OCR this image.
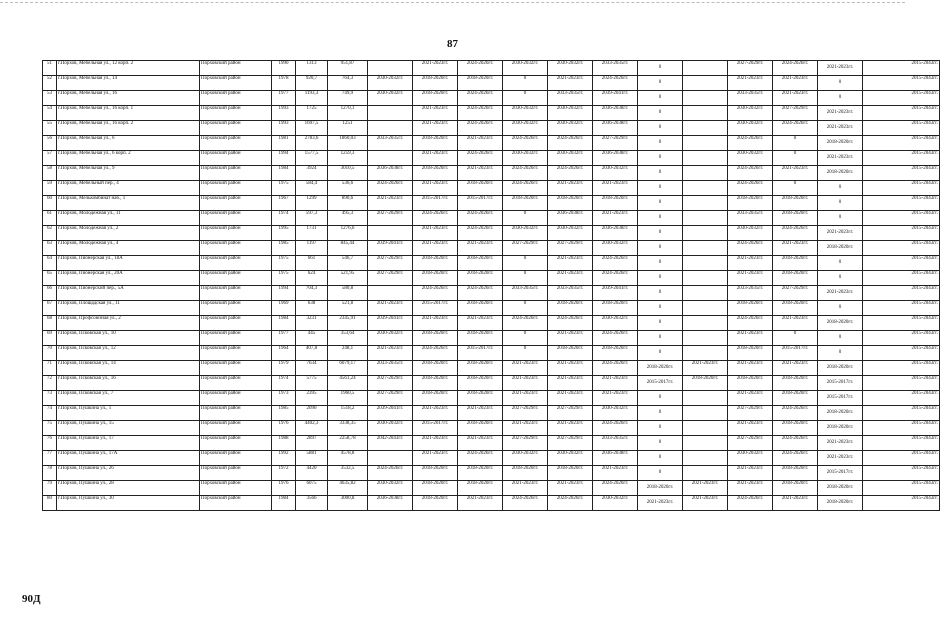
87
51	г.Порхов, Мебельная ул., 12 корп. 2	Порховский район	1990	1313	951,87		2021-2023гг.	2024-2026гг.	2030-2032гг.	2030-2032гг.	2033-2035гг.	0		2027-2029гг.	2024-2026гг.	2021-2023гг.	2015-2043гг.
52	г.Порхов, Мебельная ул., 14	Порховский район	1978	920,7	764,3	2030-2032гг.	2018-2020гг.	2018-2020гг.	0	2021-2023гг.	2024-2026гг.	0		2021-2023гг.	2021-2023гг.	0	2015-2043гг.
53	г.Порхов, Мебельная ул., 16	Порховский район	1977	1193,3	749,9	2030-2032гг.	2018-2020гг.	2024-2026гг.	0	2033-2035гг.	2039-2041гг.	0		2033-2035гг.	2021-2023гг.	0	2015-2043гг.
54	г.Порхов, Мебельная ул., 16 корп. 1	Порховский район	1993	1725	1270,1		2021-2023гг.	2024-2026гг.	2030-2032гг.	2030-2032гг.	2036-2038гг.	0		2030-2032гг.	2027-2029гг.	2021-2023гг.	2015-2043гг.
55	г.Порхов, Мебельная ул., 16 корп. 2	Порховский район	1993	1697,5	1251		2021-2023гг.	2024-2026гг.	2030-2032гг.	2030-2032гг.	2036-2038гг.	0		2030-2032гг.	2024-2026гг.	2021-2023гг.	2015-2043гг.
56	г.Порхов, Мебельная ул., 6	Порховский район	1981	2783,6	1860,03	2033-2035гг.	2018-2020гг.	2021-2023гг.	2024-2026гг.	2024-2026гг.	2027-2029гг.	0		2024-2026гг.	0	2018-2020гг.	2015-2043гг.
57	г.Порхов, Мебельная ул., 6 корп. 2	Порховский район	1994	1577,5	1259,3		2021-2023гг.	2024-2026гг.	2030-2032гг.	2030-2032гг.	2036-2038гг.	0		2030-2032гг.	0	2021-2023гг.	2015-2043гг.
58	г.Порхов, Мебельная ул., 9	Порховский район	1984	3924	3010,5	2036-2038гг.	2018-2020гг.	2021-2023гг.	2024-2026гг.	2024-2026гг.	2030-2032гг.	0		2024-2026гг.	2021-2023гг.	2018-2020гг.	2015-2043гг.
59	г.Порхов, Мебельный пер., 4	Порховский район	1975	584,4	536,6	2024-2026гг.	2021-2023гг.	2018-2020гг.	2024-2026гг.	2021-2023гг.	2021-2023гг.	0		2024-2026гг.	0	0	2015-2043гг.
60	г.Порхов, Мелькомбинат наб., 1	Порховский район	1967	1299	890,6	2021-2023гг.	2015-2017гг.	2015-2017гг.	2018-2020гг.	2018-2020гг.	2018-2020гг.	0		2018-2020гг.	2018-2020гг.	0	2015-2043гг.
61	г.Порхов, Молодежная ул., 11	Порховский район	1974	597,3	495,3	2027-2029гг.	2024-2026гг.	2024-2026гг.	0	2036-2038гг.	2021-2023гг.	0		2033-2035гг.	2018-2020гг.	0	2015-2043гг.
62	г.Порхов, Молодежная ул., 2	Порховский район	1995	1731	1276,6		2021-2023гг.	2024-2026гг.	2030-2032гг.	2030-2032гг.	2036-2038гг.	0		2030-2032гг.	2024-2026гг.	2021-2023гг.	2015-2043гг.
63	г.Порхов, Молодежная ул., 4	Порховский район	1985	1197	845,44	2039-2041гг.	2021-2023гг.	2021-2023гг.	2027-2029гг.	2027-2029гг.	2030-2032гг.	0		2024-2026гг.	2021-2023гг.	2018-2020гг.	2015-2043гг.
64	г.Порхов, Пионерская ул., 18А	Порховский район	1975	661	546,7	2027-2029гг.	2018-2020гг.	2018-2020гг.	0	2021-2023гг.	2024-2026гг.	0		2021-2023гг.	2018-2020гг.	0	2015-2043гг.
65	г.Порхов, Пионерская ул., 20А	Порховский район	1975	624	521,95	2027-2029гг.	2018-2020гг.	2018-2020гг.	0	2021-2023гг.	2024-2026гг.	0		2021-2023гг.	2018-2020гг.	0	2015-2043гг.
66	г.Порхов, Пионерский пер., 5А	Порховский район	1994	704,3	580,8		2024-2026гг.	2024-2026гг.	2033-2035гг.	2033-2035гг.	2039-2041гг.	0		2033-2035гг.	2027-2029гг.	2021-2023гг.	2015-2043гг.
67	г.Порхов, Площадская ул., 11	Порховский район	1969	638	521,8	2021-2023гг.	2015-2017гг.	2018-2020гг.	0	2018-2020гг.	2018-2020гг.	0		2018-2020гг.	2018-2020гг.	0	2015-2043гг.
68	г.Порхов, Профсоюзная ул., 2	Порховский район	1984	3231	2345,91	2039-2041гг.	2021-2023гг.	2021-2023гг.	2024-2026гг.	2024-2026гг.	2030-2032гг.	0		2024-2026гг.	2021-2023гг.	2018-2020гг.	2015-2043гг.
69	г.Порхов, Псковская ул., 10	Порховский район	1977	445	353,64	2030-2032гг.	2018-2020гг.	2018-2020гг.	0	2021-2023гг.	2024-2026гг.	0		2021-2023гг.	0	0	2015-2043гг.
70	г.Порхов, Псковская ул., 12	Порховский район	1964	407,8	248,1	2021-2023гг.	2024-2026гг.	2015-2017гг.	0	2018-2020гг.	2018-2020гг.	0		2018-2020гг.	2015-2017гг.	0	2015-2043гг.
71	г.Порхов, Псковская ул., 14	Порховский район	1979	7634	6079,17	2033-2035гг.	2018-2020гг.	2018-2020гг.	2021-2023гг.	2021-2023гг.	2024-2026гг.	2018-2020гг.	2021-2023гг.	2021-2023гг.	2021-2023гг.	2018-2020гг.	2015-2043гг.
72	г.Порхов, Псковская ул., 16	Порховский район	1974	5775	4561,24	2027-2029гг.	2018-2020гг.	2018-2020гг.	2021-2023гг.	2021-2023гг.	2021-2023гг.	2015-2017гг.	2018-2020гг.	2018-2020гг.	2018-2020гг.	2015-2017гг.	2015-2043гг.
73	г.Порхов, Псковская ул., 7	Порховский район	1973	2395	1960,5	2027-2029гг.	2018-2020гг.	2018-2020гг.	2021-2023гг.	2021-2023гг.	2021-2023гг.	0		2021-2023гг.	2018-2020гг.	2015-2017гг.	2015-2043гг.
74	г.Порхов, Пушкина ул., 1	Порховский район	1985	2090	1518,2	2039-2041гг.	2021-2023гг.	2021-2023гг.	2027-2029гг.	2027-2029гг.	2030-2032гг.	0		2027-2029гг.	2024-2026гг.	2018-2020гг.	2015-2043гг.
75	г.Порхов, Пушкина ул., 15	Порховский район	1976	4402,3	3338,35	2030-2032гг.	2015-2017гг.	2018-2020гг.	2021-2023гг.	2021-2023гг.	2024-2026гг.	0		2021-2023гг.	2018-2020гг.	2018-2020гг.	2015-2043гг.
76	г.Порхов, Пушкина ул., 17	Порховский район	1988	2897	2258,78	2042-2043гг.	2021-2023гг.	2021-2023гг.	2027-2029гг.	2027-2029гг.	2033-2035гг.	0		2027-2029гг.	2024-2026гг.	2021-2023гг.	2015-2043гг.
77	г.Порхов, Пушкина ул., 17А	Порховский район	1992	5881	4578,8		2021-2023гг.	2024-2026гг.	2030-2032гг.	2030-2032гг.	2036-2038гг.	0		2030-2032гг.	2024-2026гг.	2021-2023гг.	2015-2043гг.
78	г.Порхов, Пушкина ул., 26	Порховский район	1972	4420	3532,5	2024-2026гг.	2018-2020гг.	2018-2020гг.	2018-2020гг.	2018-2020гг.	2021-2023гг.	0		2021-2023гг.	2018-2020гг.	2015-2017гг.	2015-2043гг.
79	г.Порхов, Пушкина ул., 28	Порховский район	1976	6075	4635,82	2030-2032гг.	2018-2020гг.	2018-2020гг.	2021-2023гг.	2021-2023гг.	2024-2026гг.	2018-2020гг.	2021-2023гг.	2021-2023гг.	2018-2020гг.	2018-2020гг.	2015-2043гг.
80	г.Порхов, Пушкина ул., 30	Порховский район	1984	3566	3000,8	2036-2038гг.	2018-2020гг.	2021-2023гг.	2024-2026гг.	2024-2026гг.	2030-2032гг.	2021-2023гг.	2021-2023гг.	2024-2026гг.	2021-2023гг.	2018-2020гг.	2015-2043гг.
90Д
